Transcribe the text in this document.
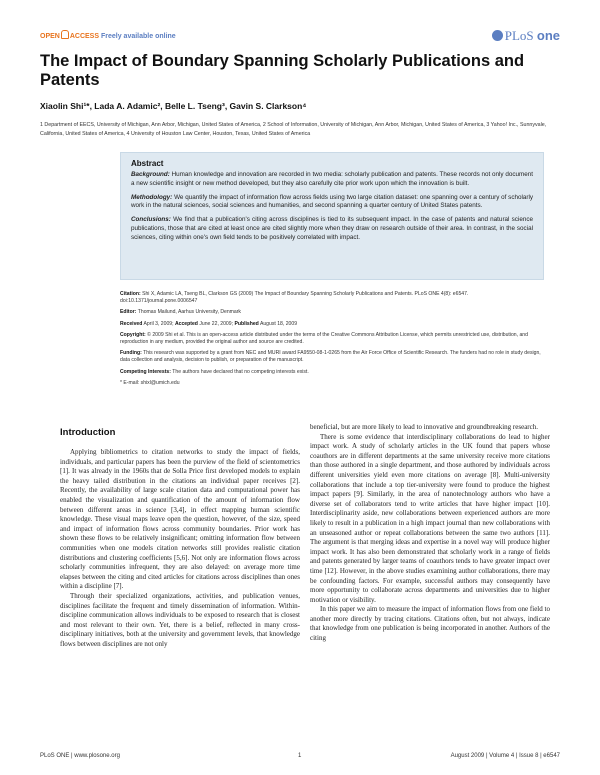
OPEN ACCESS Freely available online	PLoS one
The Impact of Boundary Spanning Scholarly Publications and Patents
Xiaolin Shi¹*, Lada A. Adamic², Belle L. Tseng³, Gavin S. Clarkson⁴
1 Department of EECS, University of Michigan, Ann Arbor, Michigan, United States of America, 2 School of Information, University of Michigan, Ann Arbor, Michigan, United States of America, 3 Yahoo! Inc., Sunnyvale, California, United States of America, 4 University of Houston Law Center, Houston, Texas, United States of America
Abstract

Background: Human knowledge and innovation are recorded in two media: scholarly publication and patents. These records not only document a new scientific insight or new method developed, but they also carefully cite prior work upon which the innovation is built.

Methodology: We quantify the impact of information flow across fields using two large citation dataset: one spanning over a century of scholarly work in the natural sciences, social sciences and humanities, and second spanning a quarter century of United States patents.

Conclusions: We find that a publication's citing across disciplines is tied to its subsequent impact. In the case of patents and natural science publications, those that are cited at least once are cited slightly more when they draw on research outside of their area. In contrast, in the social sciences, citing within one's own field tends to be positively correlated with impact.

Citation: Shi X, Adamic LA, Tseng BL, Clarkson GS (2009) The Impact of Boundary Spanning Scholarly Publications and Patents. PLoS ONE 4(8): e6547. doi:10.1371/journal.pone.0006547

Editor: Thomas Mailund, Aarhus University, Denmark

Received April 3, 2009; Accepted June 22, 2009; Published August 18, 2009

Copyright: © 2009 Shi et al. This is an open-access article distributed under the terms of the Creative Commons Attribution License, which permits unrestricted use, distribution, and reproduction in any medium, provided the original author and source are credited.

Funding: This research was supported by a grant from NEC and MURI award FA9550-08-1-0265 from the Air Force Office of Scientific Research. The funders had no role in study design, data collection and analysis, decision to publish, or preparation of the manuscript.

Competing Interests: The authors have declared that no competing interests exist.

* E-mail: shixl@umich.edu

Introduction

Applying bibliometrics to citation networks to study the impact of fields, individuals, and particular papers has been the purview of the field of scientometrics [1]. It was already in the 1960s that de Solla Price first developed models to explain the heavy tailed distribution in the citations an individual paper receives [2]. Recently, the availability of large scale citation data and computational power has enabled the visualization and quantification of the amount of information flow between different areas in science [3,4], in effect mapping human scientific knowledge. These visual maps leave open the question, however, of the size, speed and impact of information flows across community boundaries. Prior work has shown these flows to be relatively insignificant; omitting information flow between communities when one models citation networks still provides realistic citation distributions and clustering coefficients [5,6]. Not only are information flows across scholarly communities infrequent, they are also delayed: on average more time elapses between the citing and cited articles for citations across disciplines than ones within a discipline [7].

Through their specialized organizations, activities, and publication venues, disciplines facilitate the frequent and timely dissemination of information. Within-discipline communication allows individuals to be exposed to research that is closest and most relevant to their own. Yet, there is a belief, reflected in many cross-disciplinary initiatives, both at the university and government levels, that knowledge flows between disciplines are not only

beneficial, but are more likely to lead to innovative and groundbreaking research.

There is some evidence that interdisciplinary collaborations do lead to higher impact work. A study of scholarly articles in the UK found that papers whose coauthors are in different departments at the same university receive more citations than those authored in a single department, and those authored by individuals across different universities yield even more citations on average [8]. Multi-university collaborations that include a top tier-university were found to produce the highest impact papers [9]. Similarly, in the area of nanotechnology authors who have a diverse set of collaborators tend to write articles that have higher impact [10]. Interdisciplinarity aside, new collaborations between experienced authors are more likely to result in a publication in a high impact journal than new collaborations with an unseasoned author or repeat collaborations between the same two authors [11]. The argument is that merging ideas and expertise in a novel way will produce higher impact work. It has also been demonstrated that scholarly work in a range of fields and patents generated by larger teams of coauthors tends to have greater impact over time [12]. However, in the above studies examining author collaborations, there may be confounding factors. For example, successful authors may consequently have more opportunity to collaborate across departments and universities due to higher motivation or visibility.

In this paper we aim to measure the impact of information flows from one field to another more directly by tracing citations. Citations often, but not always, indicate that knowledge from one publication is being incorporated in another. Authors of the citing

PLoS ONE | www.plosone.org	1	August 2009 | Volume 4 | Issue 8 | e6547
